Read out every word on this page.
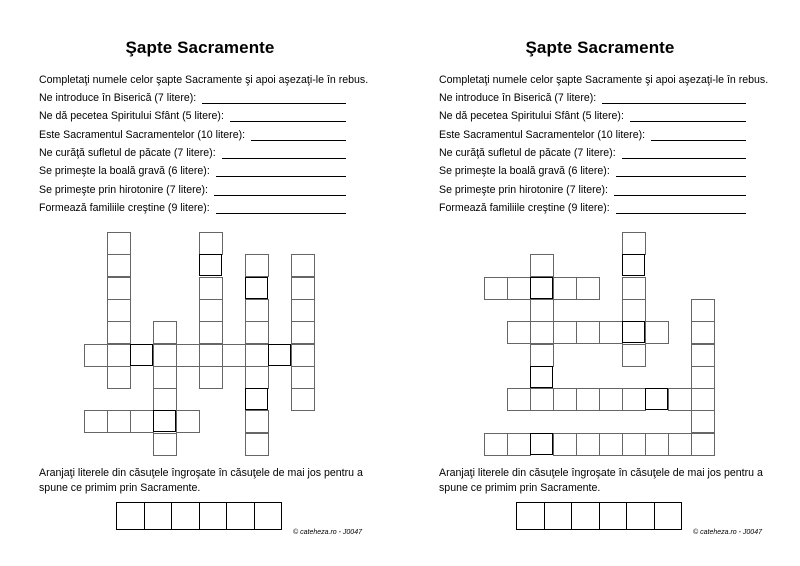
Şapte Sacramente
Completaţi numele celor şapte Sacramente şi apoi aşezaţi-le în rebus.
Ne introduce în Biserică (7 litere):
Ne dă pecetea Spiritului Sfânt (5 litere):
Este Sacramentul Sacramentelor (10 litere):
Ne curăţă sufletul de păcate (7 litere):
Se primeşte la boală gravă (6 litere):
Se primeşte prin hirotonire (7 litere):
Formează familiile creştine (9 litere):
Aranjaţi literele din căsuţele îngroşate în căsuţele de mai jos pentru a spune ce primim prin Sacramente.
© cateheza.ro - J0047
Şapte Sacramente
Completaţi numele celor şapte Sacramente şi apoi aşezaţi-le în rebus.
Ne introduce în Biserică (7 litere):
Ne dă pecetea Spiritului Sfânt (5 litere):
Este Sacramentul Sacramentelor (10 litere):
Ne curăţă sufletul de păcate (7 litere):
Se primeşte la boală gravă (6 litere):
Se primeşte prin hirotonire (7 litere):
Formează familiile creştine (9 litere):
Aranjaţi literele din căsuţele îngroşate în căsuţele de mai jos pentru a spune ce primim prin Sacramente.
© cateheza.ro - J0047
